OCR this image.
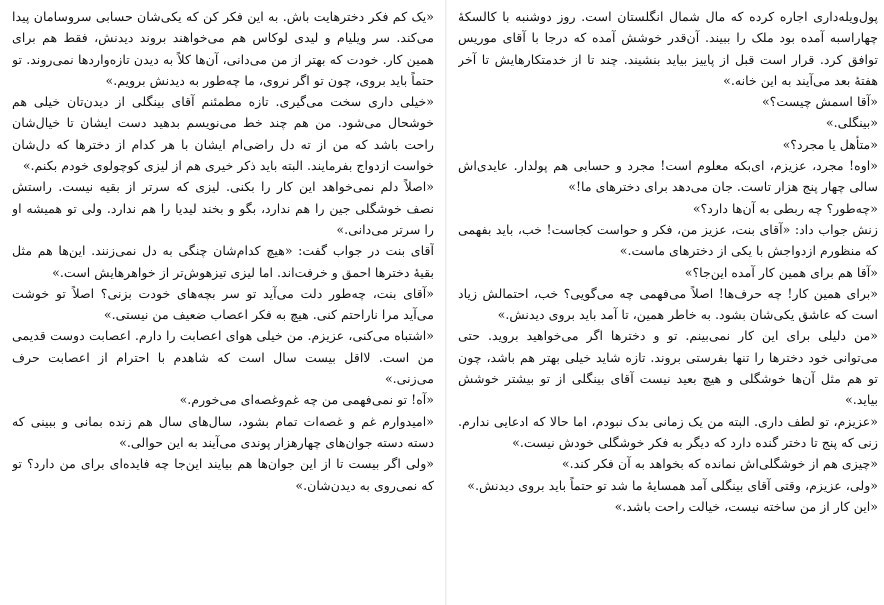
«یک کم فکر دخترهایت باش. به این فکر کن که یکی‌شان حسابی سروسامان پیدا می‌کند. سر ویلیام و لیدی لوکاس هم می‌خواهند بروند دیدنش، فقط هم برای همین کار. خودت که بهتر از من می‌دانی، آن‌ها کلاً به دیدن تازه‌واردها نمی‌روند. تو حتماً باید بروی، چون تو اگر نروی، ما چه‌طور به دیدنش برویم.»

«خیلی داری سخت می‌گیری. تازه مطمئنم آقای بینگلی از دیدن‌تان خیلی هم خوشحال می‌شود. من هم چند خط می‌نویسم بدهید دست ایشان تا خیال‌شان راحت باشد که من از ته دل راضی‌ام ایشان با هر کدام از دخترها که دل‌شان خواست ازدواج بفرمایند. البته باید ذکر خیری هم از لیزی کوچولوی خودم بکنم.»

«اصلاً دلم نمی‌خواهد این کار را بکنی. لیزی که سرتر از بقیه نیست. راستش نصف خوشگلی جین را هم ندارد، بگو و بخند لیدیا را هم ندارد. ولی تو همیشه او را سرتر می‌دانی.»

آقای بنت در جواب گفت: «هیچ کدام‌شان چنگی به دل نمی‌زنند. این‌ها هم مثل بقیهٔ دخترها احمق و خرفت‌اند. اما لیزی تیزهوش‌تر از خواهرهایش است.»

«آقای بنت، چه‌طور دلت می‌آید تو سر بچه‌های خودت بزنی؟ اصلاً تو خوشت می‌آید مرا ناراحتم کنی. هیچ به فکر اعصاب ضعیف من نیستی.»

«اشتباه می‌کنی، عزیزم. من خیلی هوای اعصابت را دارم. اعصابت دوست قدیمی من است. لااقل بیست سال است که شاهدم با احترام از اعصابت حرف می‌زنی.»

«آه! تو نمی‌فهمی من چه غم‌وغصه‌ای می‌خورم.»

«امیدوارم غم و غصه‌ات تمام بشود، سال‌های سال هم زنده بمانی و ببینی که دسته دسته جوان‌های چهارهزار پوندی می‌آیند به این حوالی.»

«ولی اگر بیست تا از این جوان‌ها هم بیایند این‌جا چه فایده‌ای برای من دارد؟ تو که نمی‌روی به دیدن‌شان.»

پول‌ویله‌داری اجاره کرده که مال شمال انگلستان است. روز دوشنبه با کالسکهٔ چهاراسبه آمده بود ملک را ببیند. آن‌قدر خوشش آمده که درجا با آقای موریس توافق کرد. قرار است قبل از پاییز بیاید بنشیند. چند تا از خدمتکارهایش تا آخر هفتهٔ بعد می‌آیند به این خانه.»

«آقا اسمش چیست؟»

«بینگلی.»

«متأهل یا مجرد؟»

«اوه! مجرد، عزیزم، ای‌بکه معلوم است! مجرد و حسابی هم پولدار. عایدی‌اش سالی چهار پنج هزار تاست. جان می‌دهد برای دخترهای ما!»

«چه‌طور؟ چه ربطی به آن‌ها دارد؟»

زنش جواب داد: «آقای بنت، عزیز من، فکر و حواست کجاست! خب، باید بفهمی که منظورم ازدواجش با یکی از دخترهای ماست.»

«آقا هم برای همین کار آمده این‌جا؟»

«برای همین کار! چه حرف‌ها! اصلاً می‌فهمی چه می‌گویی؟ خب، احتمالش زیاد است که عاشق یکی‌شان بشود. به خاطر همین، تا آمد باید بروی دیدنش.»

«من دلیلی برای این کار نمی‌بینم. تو و دخترها اگر می‌خواهید بروید. حتی می‌توانی خود دخترها را تنها بفرستی بروند. تازه شاید خیلی بهتر هم باشد، چون تو هم مثل آن‌ها خوشگلی و هیچ بعید نیست آقای بینگلی از تو بیشتر خوشش بیاید.»

«عزیزم، تو لطف داری. البته من یک زمانی بدک نبودم، اما حالا که ادعایی ندارم. زنی که پنج تا دختر گنده دارد که دیگر به فکر خوشگلی خودش نیست.»

«چیزی هم از خوشگلی‌اش نمانده که بخواهد به آن فکر کند.»

«ولی، عزیزم، وقتی آقای بینگلی آمد همسایهٔ ما شد تو حتماً باید بروی دیدنش.»

«این کار از من ساخته نیست، خیالت راحت باشد.»
